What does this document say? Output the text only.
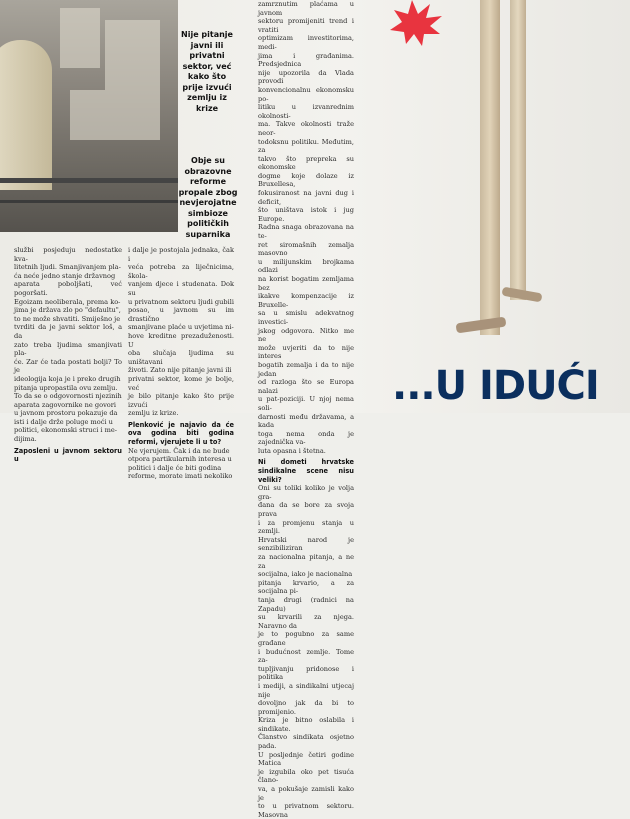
Nije pitanje
javni ili
privatni
sektor, već
kako što
prije izvući
zemlju iz
krize
Obje su
obrazovne
reforme
propale zbog
nevjerojatne
simbioze
političkih
suparnika

zamrznutim plaćama u javnom

sektoru promijeniti trend i vratiti

optimizam investitorima, medi-

jima i građanima. Predsjednica

nije upozorila da Vlada provodi

konvencionalnu ekonomsku po-

litiku u izvanrednim okolnosti-

ma. Takve okolnosti traže neor-

todoksnu politiku. Međutim, za

takvo što prepreka su ekonomske

dogme koje dolaze iz Bruxellesa,

fokusiranost na javni dug i deficit,

što uništava istok i jug Europe.

Radna snaga obrazovana na te-

ret siromašnih zemalja masovno

u milijunskim brojkama odlazi

na korist bogatim zemljama bez

ikakve kompenzacije iz Bruxelle-

sa u smislu adekvatnog investici-

jskog odgovora. Nitko me ne

može uvjeriti da to nije interes

bogatih zemalja i da to nije jedan

od razloga što se Europa nalazi

u pat-poziciji. U njoj nema soli-

darnosti među državama, a kada

toga nema onda je zajednička va-

luta opasna i štetna.

Ni dometi hrvatske sindikalne scene nisu veliki?

Oni su toliki koliko je volja gra-

đana da se bore za svoja prava

i za promjenu stanja u zemlji.

Hrvatski narod je senzibiliziran

za nacionalna pitanja, a ne za

socijalna, iako je nacionalna

pitanja krvario, a za socijalna pi-

tanja drugi (radnici na Zapadu)

su krvarili za njega. Naravno da

je to pogubno za same građane

i budućnost zemlje. Tome za-

tupljivanju pridonose i politika

i mediji, a sindikalni utjecaj nije

dovoljno jak da bi to promijenio.

Kriza je bitno oslabila i sindikate.

Članstvo sindikata osjetno pada.

U posljednje četiri godine Matica

je izgubila oko pet tisuća člano-

va, a pokušaje zamisli kako je

to u privatnom sektoru. Masovna

i dalje je postojala jednaka, čak i

veća potreba za liječnicima, škola-

vanjem djece i studenata. Dok su

u privatnom sektoru ljudi gubili

posao, u javnom su im drastično

smanjivane plaće u uvjetima ni-

hove kreditne prezaduženosti. U

oba slučaja ljudima su uništavani

životi. Zato nije pitanje javni ili

privatni sektor, kome je bolje, već

je bilo pitanje kako što prije izvući

zemlju iz krize.

Plenković je najavio da će ova godina biti godina reformi, vjerujete li u to?

Ne vjerujem. Čak i da ne bude

otpora partikularnih interesa u

politici i dalje će biti godina

reforme, morate imati nekoliko

službi posjeduju nedostatke kva-

litetnih ljudi. Smanjivanjem pla-

ća neće jedno stanje državnog

aparata poboljšati, već pogoršati.

Egoizam neoliberala, prema ko-

jima je država zlo po "defaultu",

to ne može shvatiti. Smiješno je

tvrditi da je javni sektor loš, a da

zato treba ljudima smanjivati pla-

će. Zar će tada postati bolji? To je

ideologija koja je i preko drugih

pitanja upropastila ovu zemlju.

To da se o odgovornosti njezinih

aparata zagovornike ne govori

u javnom prostoru pokazuje da

isti i dalje drže poluge moći u

politici, ekonomski struci i me-

dijima.

Zaposleni u javnom sektoru u

...U IDUĆI
